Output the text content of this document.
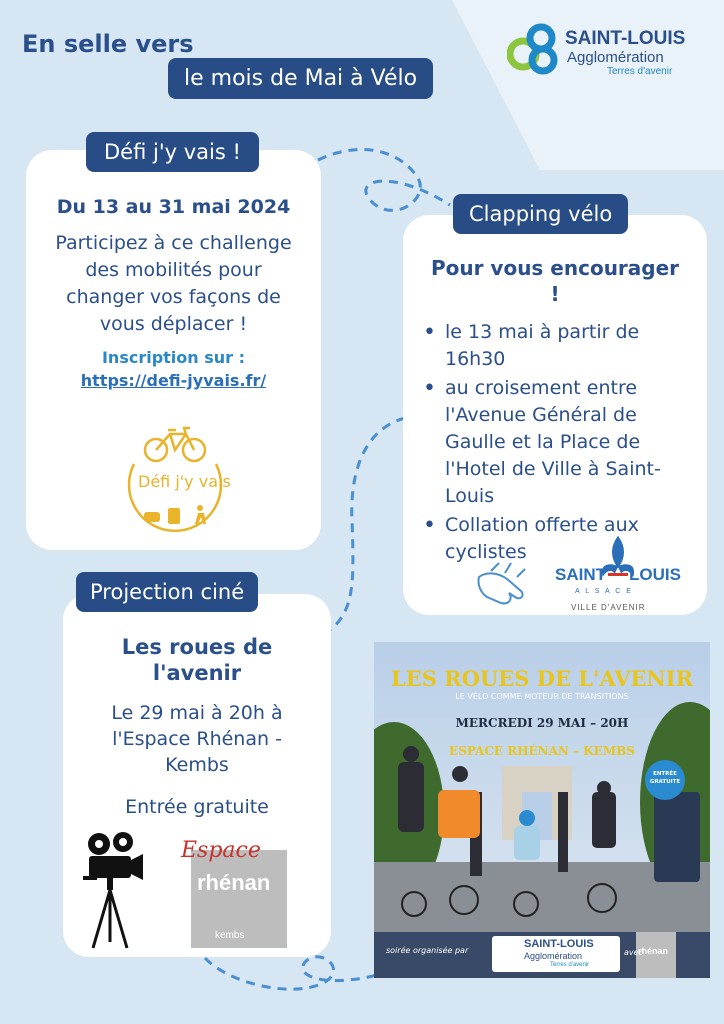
En selle vers
le mois de Mai à Vélo
SAINT-LOUIS
Agglomération
Terres d'avenir
Du 13 au 31 mai 2024
Participez à ce challenge des mobilités pour changer vos façons de vous déplacer !
Inscription sur :
https://defi-jyvais.fr/
Défi j'y vais
Défi j'y vais !
Pour vous encourager !
• le 13 mai à partir de 16h30
• au croisement entre l'Avenue Général de Gaulle et la Place de l'Hotel de Ville à Saint-Louis
• Collation offerte aux cyclistes
SAINT LOUIS
A L S A C E
VILLE D'AVENIR
Clapping vélo
Les roues de l'avenir
Le 29 mai à 20h à l'Espace Rhénan - Kembs
Entrée gratuite
Espace
rhénan
kembs
Projection ciné
LES ROUES DE L'AVENIR
LE VÉLO COMME MOTEUR DE TRANSITIONS
MERCREDI 29 MAI – 20H
ESPACE RHÉNAN – KEMBS
ENTRÉE GRATUITE
soirée organisée par
SAINT-LOUIS
Agglomération
Terres d'avenir
avec
rhénan
